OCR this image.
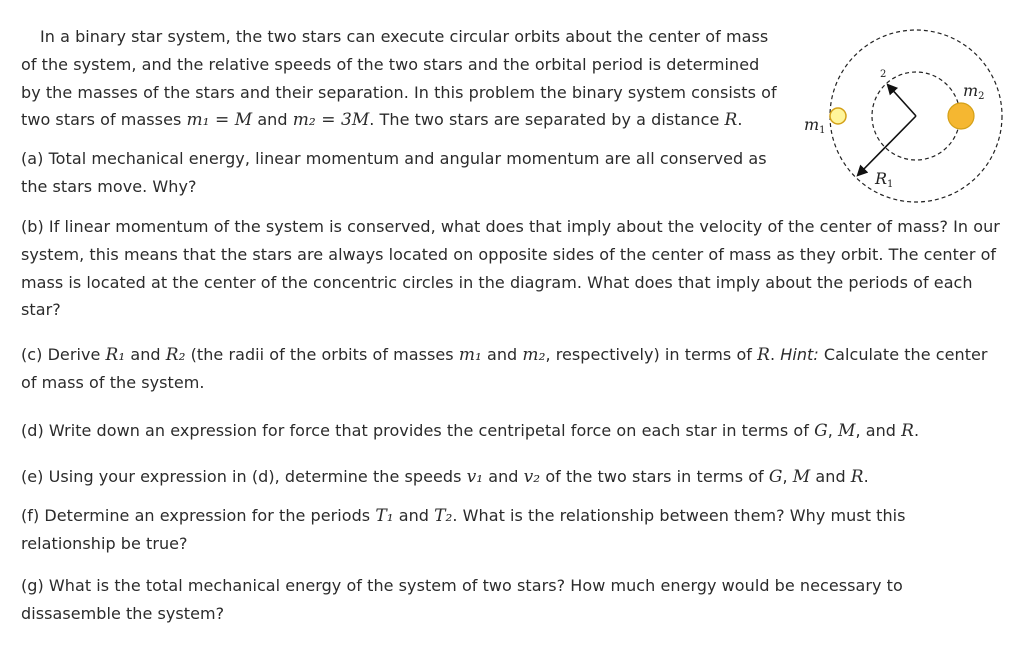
In a binary star system, the two stars can execute circular orbits about the center of mass
of the system, and the relative speeds of the two stars and the orbital period is determined
by the masses of the stars and their separation. In this problem the binary system consists of
two stars of masses m₁ = M and m₂ = 3M. The two stars are separated by a distance R.
(a) Total mechanical energy, linear momentum and angular momentum are all conserved as
the stars move. Why?
(b) If linear momentum of the system is conserved, what does that imply about the velocity of the center of mass? In our
system, this means that the stars are always located on opposite sides of the center of mass as they orbit. The center of
mass is located at the center of the concentric circles in the diagram. What does that imply about the periods of each
star?
(c) Derive R₁ and R₂ (the radii of the orbits of masses m₁ and m₂, respectively) in terms of R. Hint: Calculate the center
of mass of the system.
(d) Write down an expression for force that provides the centripetal force on each star in terms of G, M, and R.
(e) Using your expression in (d), determine the speeds v₁ and v₂ of the two stars in terms of G, M and R.
(f) Determine an expression for the periods T₁ and T₂. What is the relationship between them? Why must this
relationship be true?
(g) What is the total mechanical energy of the system of two stars? How much energy would be necessary to
dissasemble the system?
m1
m2
2
R1
